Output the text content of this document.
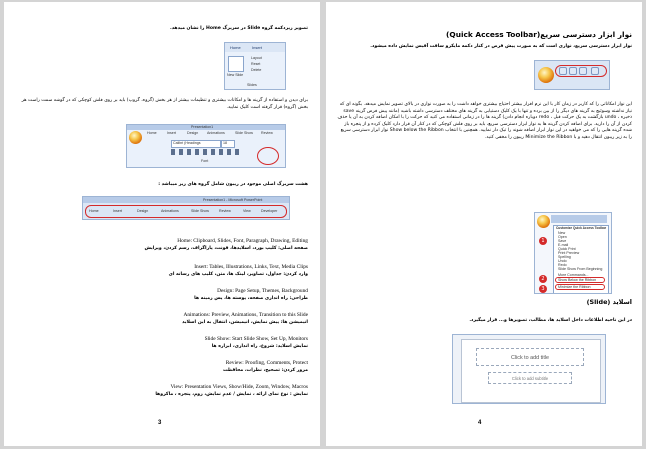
تصویر زیردکمه گروه Slide در سربرگ Home را نشان میدهد.
Home	Insert
New Slide
Layout
Reset
Delete
Slides
برای دیدن و استفاده از گزینه ها و امکانات بیشتری و تنظیمات بیشتر از هر بخش (گروه، گروپ) باید بر روی فلش کوچکی که در گوشه سمت راست هر بخش (گروه) قرار گرفته است کلیک نمایید.
Presentation1
Home	Insert	Design Animations	Slide Show Review
Calibri (Headings	18
Font
هشت سربرگ اصلی موجود در ریبون شامل گروه های زیر میباشد :
Presentation1 - Microsoft PowerPoint
Home	Insert	Design	Animations	Slide Show	Review	View	Developer
Home: Clipboard, Slides, Font, Paragraph, Drawing, Editing
صفحه اصلی: کلیپ بورد، اسلایدها، فونت، پاراگراف، رسم کردن، ویرایش
Insert: Tables, Illustrations, Links, Text, Media Clips
وارد کردن: جداول، تصاویر، لینک ها، متن، کلیپ های رسانه ای
Design: Page Setup, Themes, Background
طراحی: راه اندازی صفحه، پوسته ها، پس زمینه ها
Animations: Preview, Animations, Transition to this Slide
انیمیشن ها: پیش نمایش، انیمیشن، انتقال به این اسلاید
Slide Show: Start Slide Show, Set Up, Monitors
نمایش اسلاید: شروع، راه اندازی، ابزاره ها
Review: Proofing, Comments, Protect
مرور کردن: تصحیح، نظرات، محافظت
View: Presentation Views, Show/Hide, Zoom, Window, Macros
نمایش : نوع نمای ارائه ، نمایش / عدم نمایش، زوم، پنجره ، ماکروها
3
نوار ابزار دسترسی سریع(Quick Access Toolbar)
نوار ابزار دسترسی سریع، نواری است که به صورت پیش فرض در کنار دکمه مایکرو سافت آفیس نمایش داده میشود.
این نوار امکاناتی را که کاربر در زمان کار با این نرم افزار بیشتر احتیاج بیشتری خواهد داشت را به صورت نواری در بالای تصویر نمایش میدهد. بگونه ای که نیاز نداشته وسوئیچ به گزینه های دیگر را از بین برده و تنها با یک کلیک دستیابی به گزینه های مختلف دسترسی داشته باشید (مانند پیش فرض گزینه save ذخیره ، undo بازگشت به یک حرکت قبل ، redo دوباره انجام دادن) گزینه ها را در زمانی استفاده می کنید که حرکت را با امکان اضافه کردن به آن یا حذف کردن از آن را دارید. برای اضافه کردن گزینه ها به نوار ابزار دسترسی سریع، باید بر روی فلش کوچکی که در کنار آن قرار دارد کلیک کرده و از پنجره باز شده گزینه هایی را که می خواهید در این نوار ابزار اضافه شوند را تیک دار نمایید. همچنین با انتخاب Show below the Ribbon نوار ابزار دسترسی سریع را به زیر ریبون انتقال دهید و با Minimize the Ribbon ریبون را مخفی کنید.
Customize Quick Access Toolbar
New
Open
Save
E-mail
Quick Print
Print Preview
Spelling
Undo
Redo
Slide Show From Beginning
More Commands...
Show Below the Ribbon
Minimize the Ribbon
1
2
3
اسلاید (Slide)
در این ناحیه اطلاعات داخل اسلاید ها، مطالب، تصویرها و... قرار میگیرد.
Click to add title
Click to add subtitle
4
